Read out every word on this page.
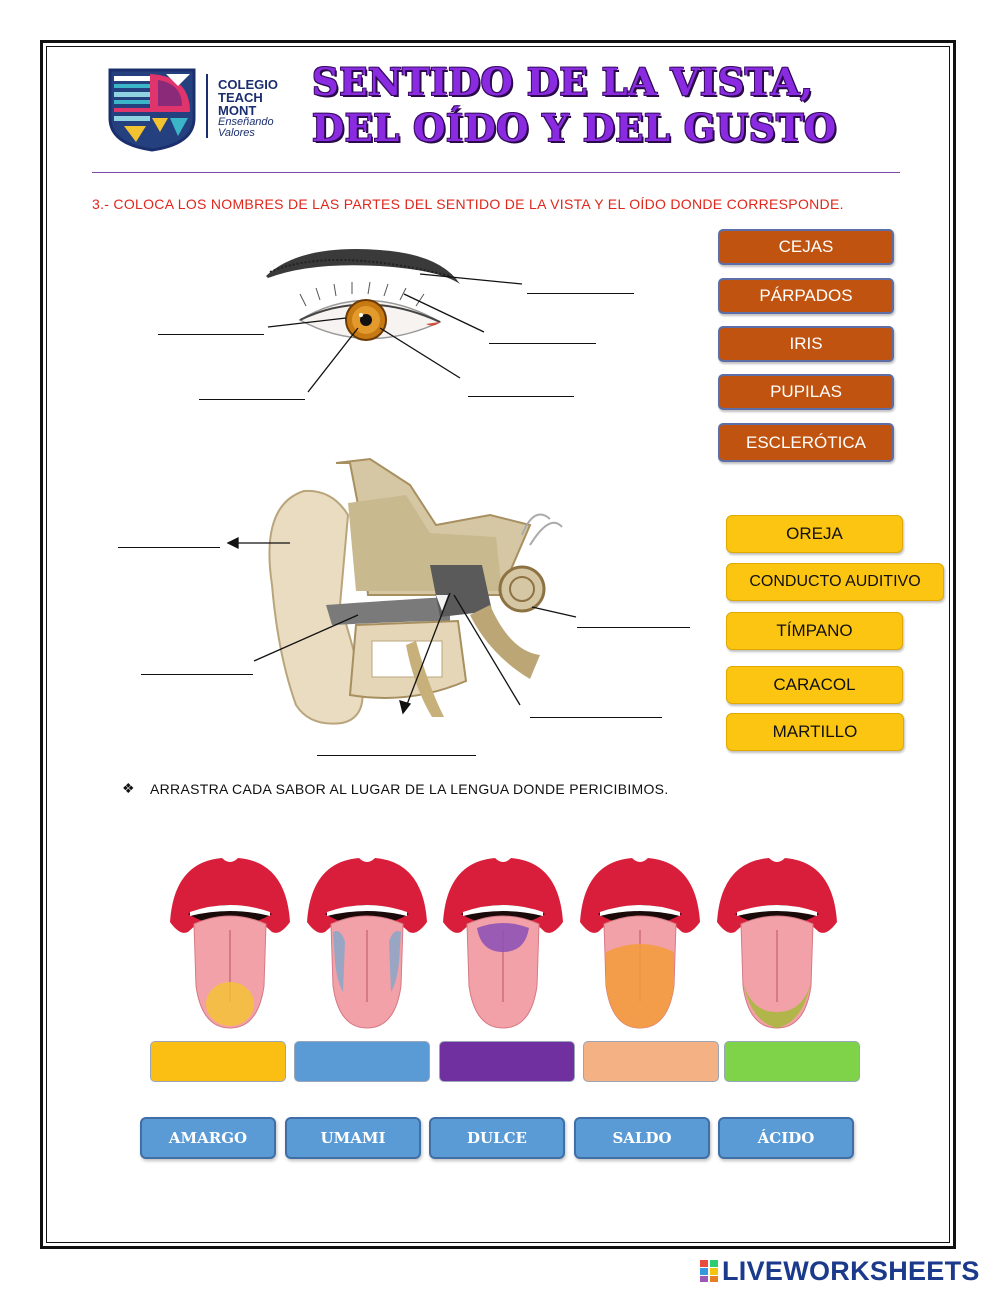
COLEGIO
TEACH
MONT
Enseñando
Valores
SENTIDO DE LA VISTA,
DEL OÍDO Y DEL GUSTO
3.- COLOCA LOS NOMBRES DE LAS PARTES DEL SENTIDO DE LA VISTA Y EL OÍDO DONDE CORRESPONDE.
CEJAS
PÁRPADOS
IRIS
PUPILAS
ESCLERÓTICA
OREJA
CONDUCTO AUDITIVO
TÍMPANO
CARACOL
MARTILLO
❖ ARRASTRA CADA SABOR AL LUGAR DE LA LENGUA DONDE PERICIBIMOS.
AMARGO	UMAMI	DULCE	SALDO	ÁCIDO
LIVEWORKSHEETS
